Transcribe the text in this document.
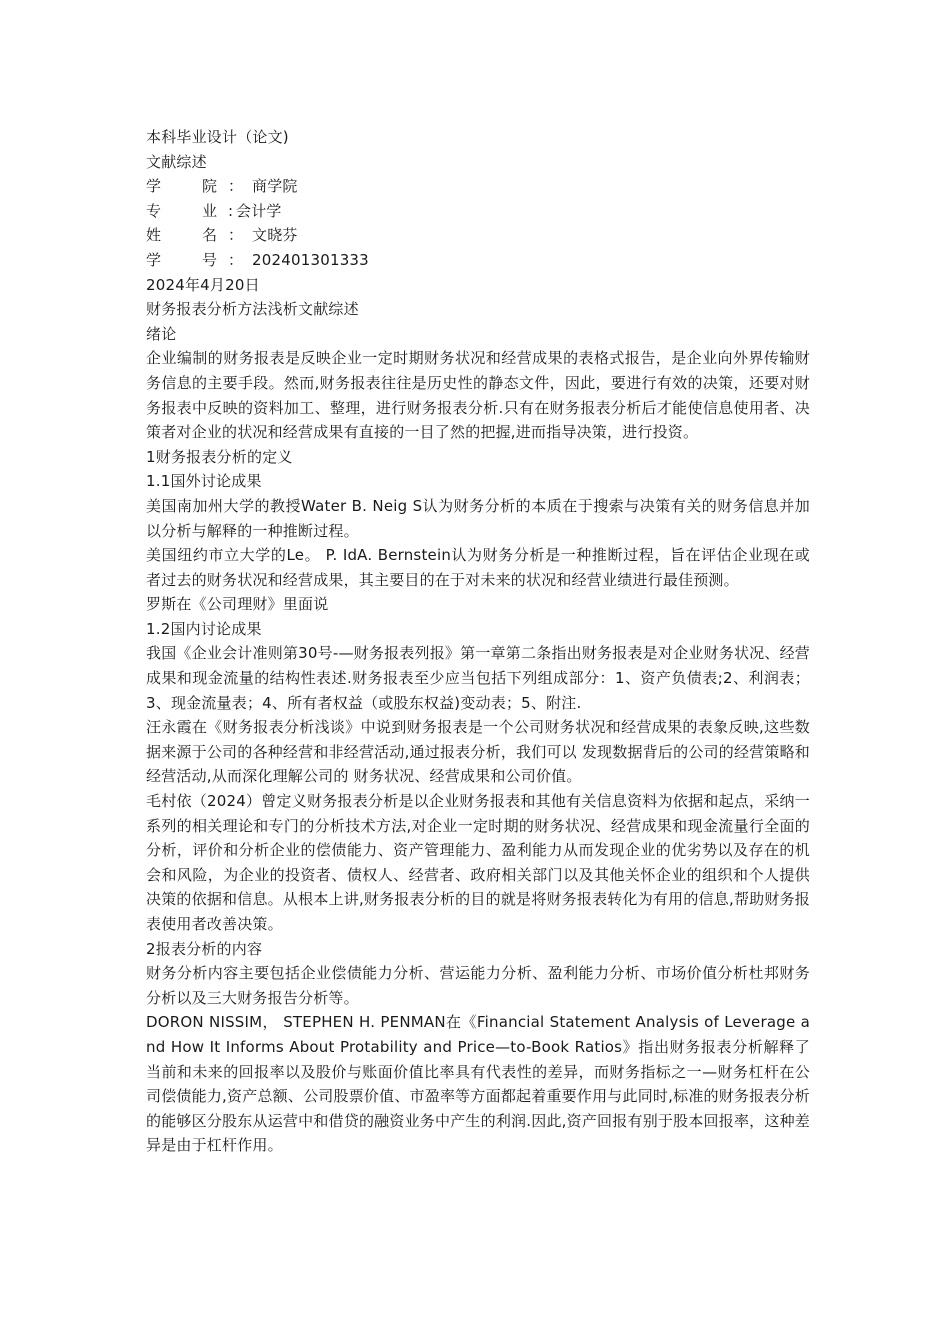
本科毕业设计（论文)

文献综述

学	院 ： 商学院
专	业 : 会计学
姓	名 ： 文晓芬
学	号 ： 202401301333

2024年4月20日

财务报表分析方法浅析文献综述

绪论

企业编制的财务报表是反映企业一定时期财务状况和经营成果的表格式报告，是企业向外界传输财务信息的主要手段。然而,财务报表往往是历史性的静态文件，因此，要进行有效的决策，还要对财务报表中反映的资料加工、整理，进行财务报表分析.只有在财务报表分析后才能使信息使用者、决策者对企业的状况和经营成果有直接的一目了然的把握,进而指导决策，进行投资。

1财务报表分析的定义

1.1国外讨论成果

美国南加州大学的教授Water B. Neig S认为财务分析的本质在于搜索与决策有关的财务信息并加以分析与解释的一种推断过程。

美国纽约市立大学的Le。 P. IdA. Bernstein认为财务分析是一种推断过程，旨在评估企业现在或者过去的财务状况和经营成果，其主要目的在于对未来的状况和经营业绩进行最佳预测。

罗斯在《公司理财》里面说

1.2国内讨论成果

我国《企业会计准则第30号-—财务报表列报》第一章第二条指出财务报表是对企业财务状况、经营成果和现金流量的结构性表述.财务报表至少应当包括下列组成部分：1、资产负债表;2、利润表；3、现金流量表；4、所有者权益（或股东权益)变动表；5、附注.

汪永霞在《财务报表分析浅谈》中说到财务报表是一个公司财务状况和经营成果的表象反映,这些数 据来源于公司的各种经营和非经营活动,通过报表分析，我们可以 发现数据背后的公司的经营策略和经营活动,从而深化理解公司的 财务状况、经营成果和公司价值。

毛村依（2024）曾定义财务报表分析是以企业财务报表和其他有关信息资料为依据和起点，采纳一系列的相关理论和专门的分析技术方法,对企业一定时期的财务状况、经营成果和现金流量行全面的分析，评价和分析企业的偿债能力、资产管理能力、盈利能力从而发现企业的优劣势以及存在的机会和风险，为企业的投资者、债权人、经营者、政府相关部门以及其他关怀企业的组织和个人提供决策的依据和信息。从根本上讲,财务报表分析的目的就是将财务报表转化为有用的信息,帮助财务报表使用者改善决策。

2报表分析的内容

财务分析内容主要包括企业偿债能力分析、营运能力分析、盈利能力分析、市场价值分析杜邦财务分析以及三大财务报告分析等。

DORON NISSIM， STEPHEN H. PENMAN在《Financial Statement Analysis of Leverage and How It Informs About Protability and Price—to-Book Ratios》指出财务报表分析解释了当前和未来的回报率以及股价与账面价值比率具有代表性的差异，而财务指标之一—财务杠杆在公司偿债能力,资产总额、公司股票价值、市盈率等方面都起着重要作用与此同时,标准的财务报表分析的能够区分股东从运营中和借贷的融资业务中产生的利润.因此,资产回报有别于股本回报率，这种差异是由于杠杆作用。
